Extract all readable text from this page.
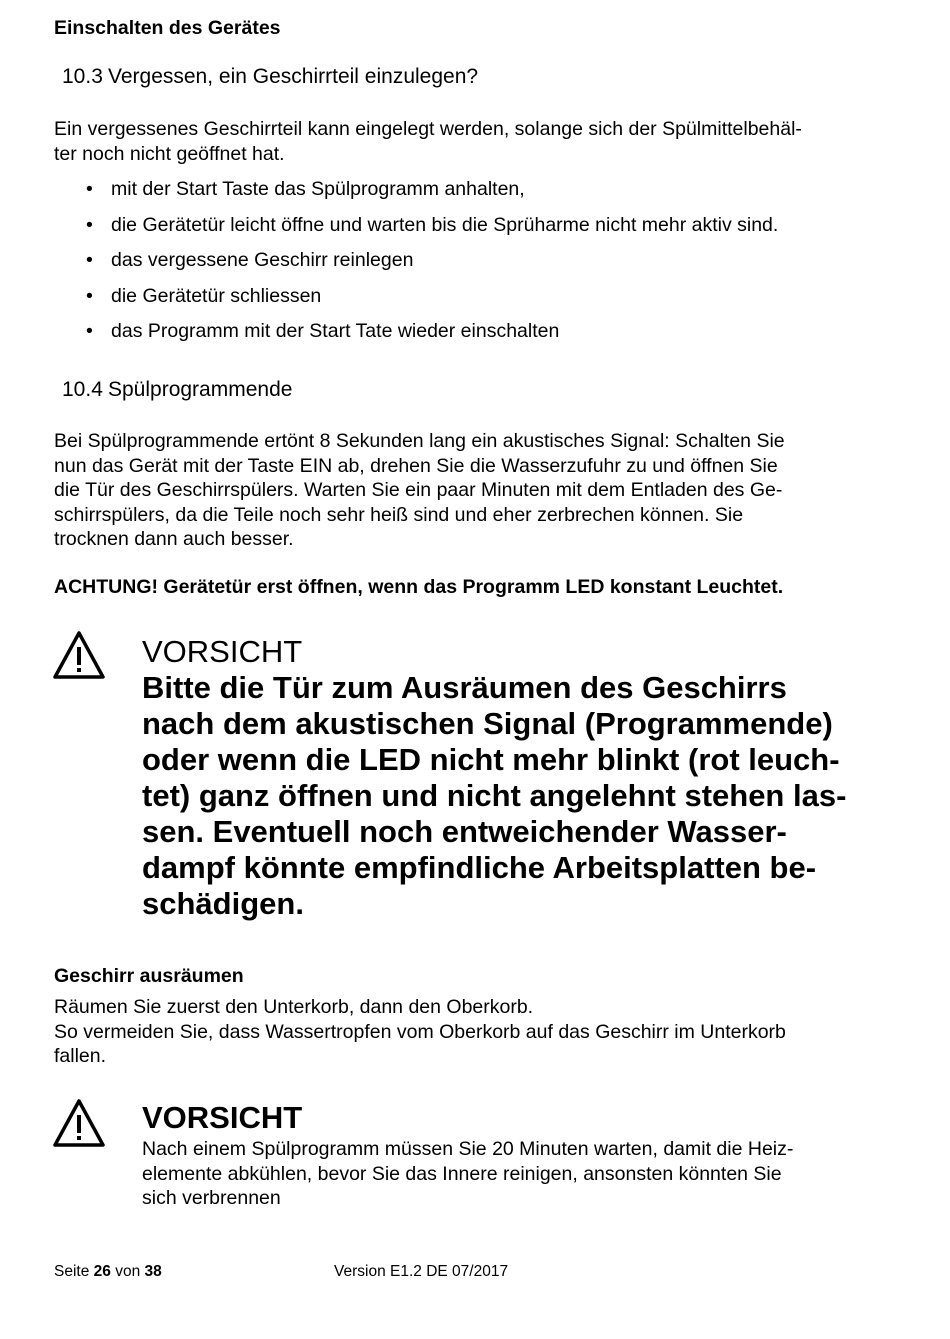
Einschalten des Gerätes
10.3 Vergessen, ein Geschirrteil einzulegen?
Ein vergessenes Geschirrteil kann eingelegt werden, solange sich der Spülmittelbehäl-
ter noch nicht geöffnet hat.
• mit der Start Taste das Spülprogramm anhalten,
• die Gerätetür leicht öffne und warten bis die Sprüharme nicht mehr aktiv sind.
• das vergessene Geschirr reinlegen
• die Gerätetür schliessen
• das Programm mit der Start Tate wieder einschalten
10.4 Spülprogrammende
Bei Spülprogrammende ertönt 8 Sekunden lang ein akustisches Signal: Schalten Sie
nun das Gerät mit der Taste EIN ab, drehen Sie die Wasserzufuhr zu und öffnen Sie
die Tür des Geschirrspülers. Warten Sie ein paar Minuten mit dem Entladen des Ge-
schirrspülers, da die Teile noch sehr heiß sind und eher zerbrechen können. Sie
trocknen dann auch besser.
ACHTUNG! Gerätetür erst öffnen, wenn das Programm LED konstant Leuchtet.
VORSICHT
Bitte die Tür zum Ausräumen des Geschirrs
nach dem akustischen Signal (Programmende)
oder wenn die LED nicht mehr blinkt (rot leuch-
tet) ganz öffnen und nicht angelehnt stehen las-
sen. Eventuell noch entweichender Wasser-
dampf könnte empfindliche Arbeitsplatten be-
schädigen.
Geschirr ausräumen
Räumen Sie zuerst den Unterkorb, dann den Oberkorb.
So vermeiden Sie, dass Wassertropfen vom Oberkorb auf das Geschirr im Unterkorb
fallen.
VORSICHT
Nach einem Spülprogramm müssen Sie 20 Minuten warten, damit die Heiz-
elemente abkühlen, bevor Sie das Innere reinigen, ansonsten könnten Sie
sich verbrennen
Seite 26 von 38	Version E1.2 DE 07/2017
